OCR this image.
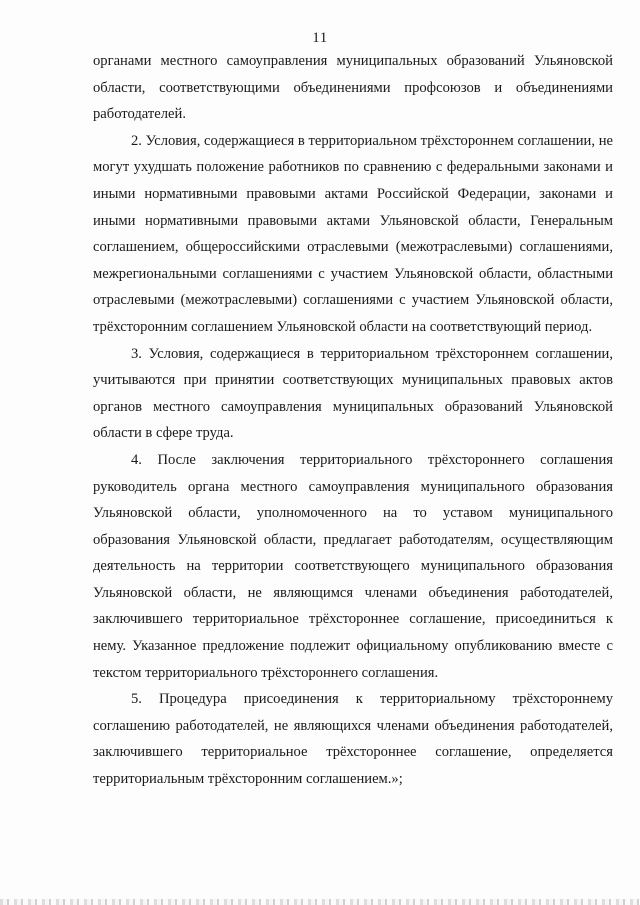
11

органами местного самоуправления муниципальных образований Ульяновской области, соответствующими объединениями профсоюзов и объединениями работодателей.

2. Условия, содержащиеся в территориальном трёхстороннем соглашении, не могут ухудшать положение работников по сравнению с федеральными законами и иными нормативными правовыми актами Российской Федерации, законами и иными нормативными правовыми актами Ульяновской области, Генеральным соглашением, общероссийскими отраслевыми (межотраслевыми) соглашениями, межрегиональными соглашениями с участием Ульяновской области, областными отраслевыми (межотраслевыми) соглашениями с участием Ульяновской области, трёхсторонним соглашением Ульяновской области на соответствующий период.

3. Условия, содержащиеся в территориальном трёхстороннем соглашении, учитываются при принятии соответствующих муниципальных правовых актов органов местного самоуправления муниципальных образований Ульяновской области в сфере труда.

4. После заключения территориального трёхстороннего соглашения руководитель органа местного самоуправления муниципального образования Ульяновской области, уполномоченного на то уставом муниципального образования Ульяновской области, предлагает работодателям, осуществляющим деятельность на территории соответствующего муниципального образования Ульяновской области, не являющимся членами объединения работодателей, заключившего территориальное трёхстороннее соглашение, присоединиться к нему. Указанное предложение подлежит официальному опубликованию вместе с текстом территориального трёхстороннего соглашения.

5. Процедура присоединения к территориальному трёхстороннему соглашению работодателей, не являющихся членами объединения работодателей, заключившего территориальное трёхстороннее соглашение, определяется территориальным трёхсторонним соглашением.»;
